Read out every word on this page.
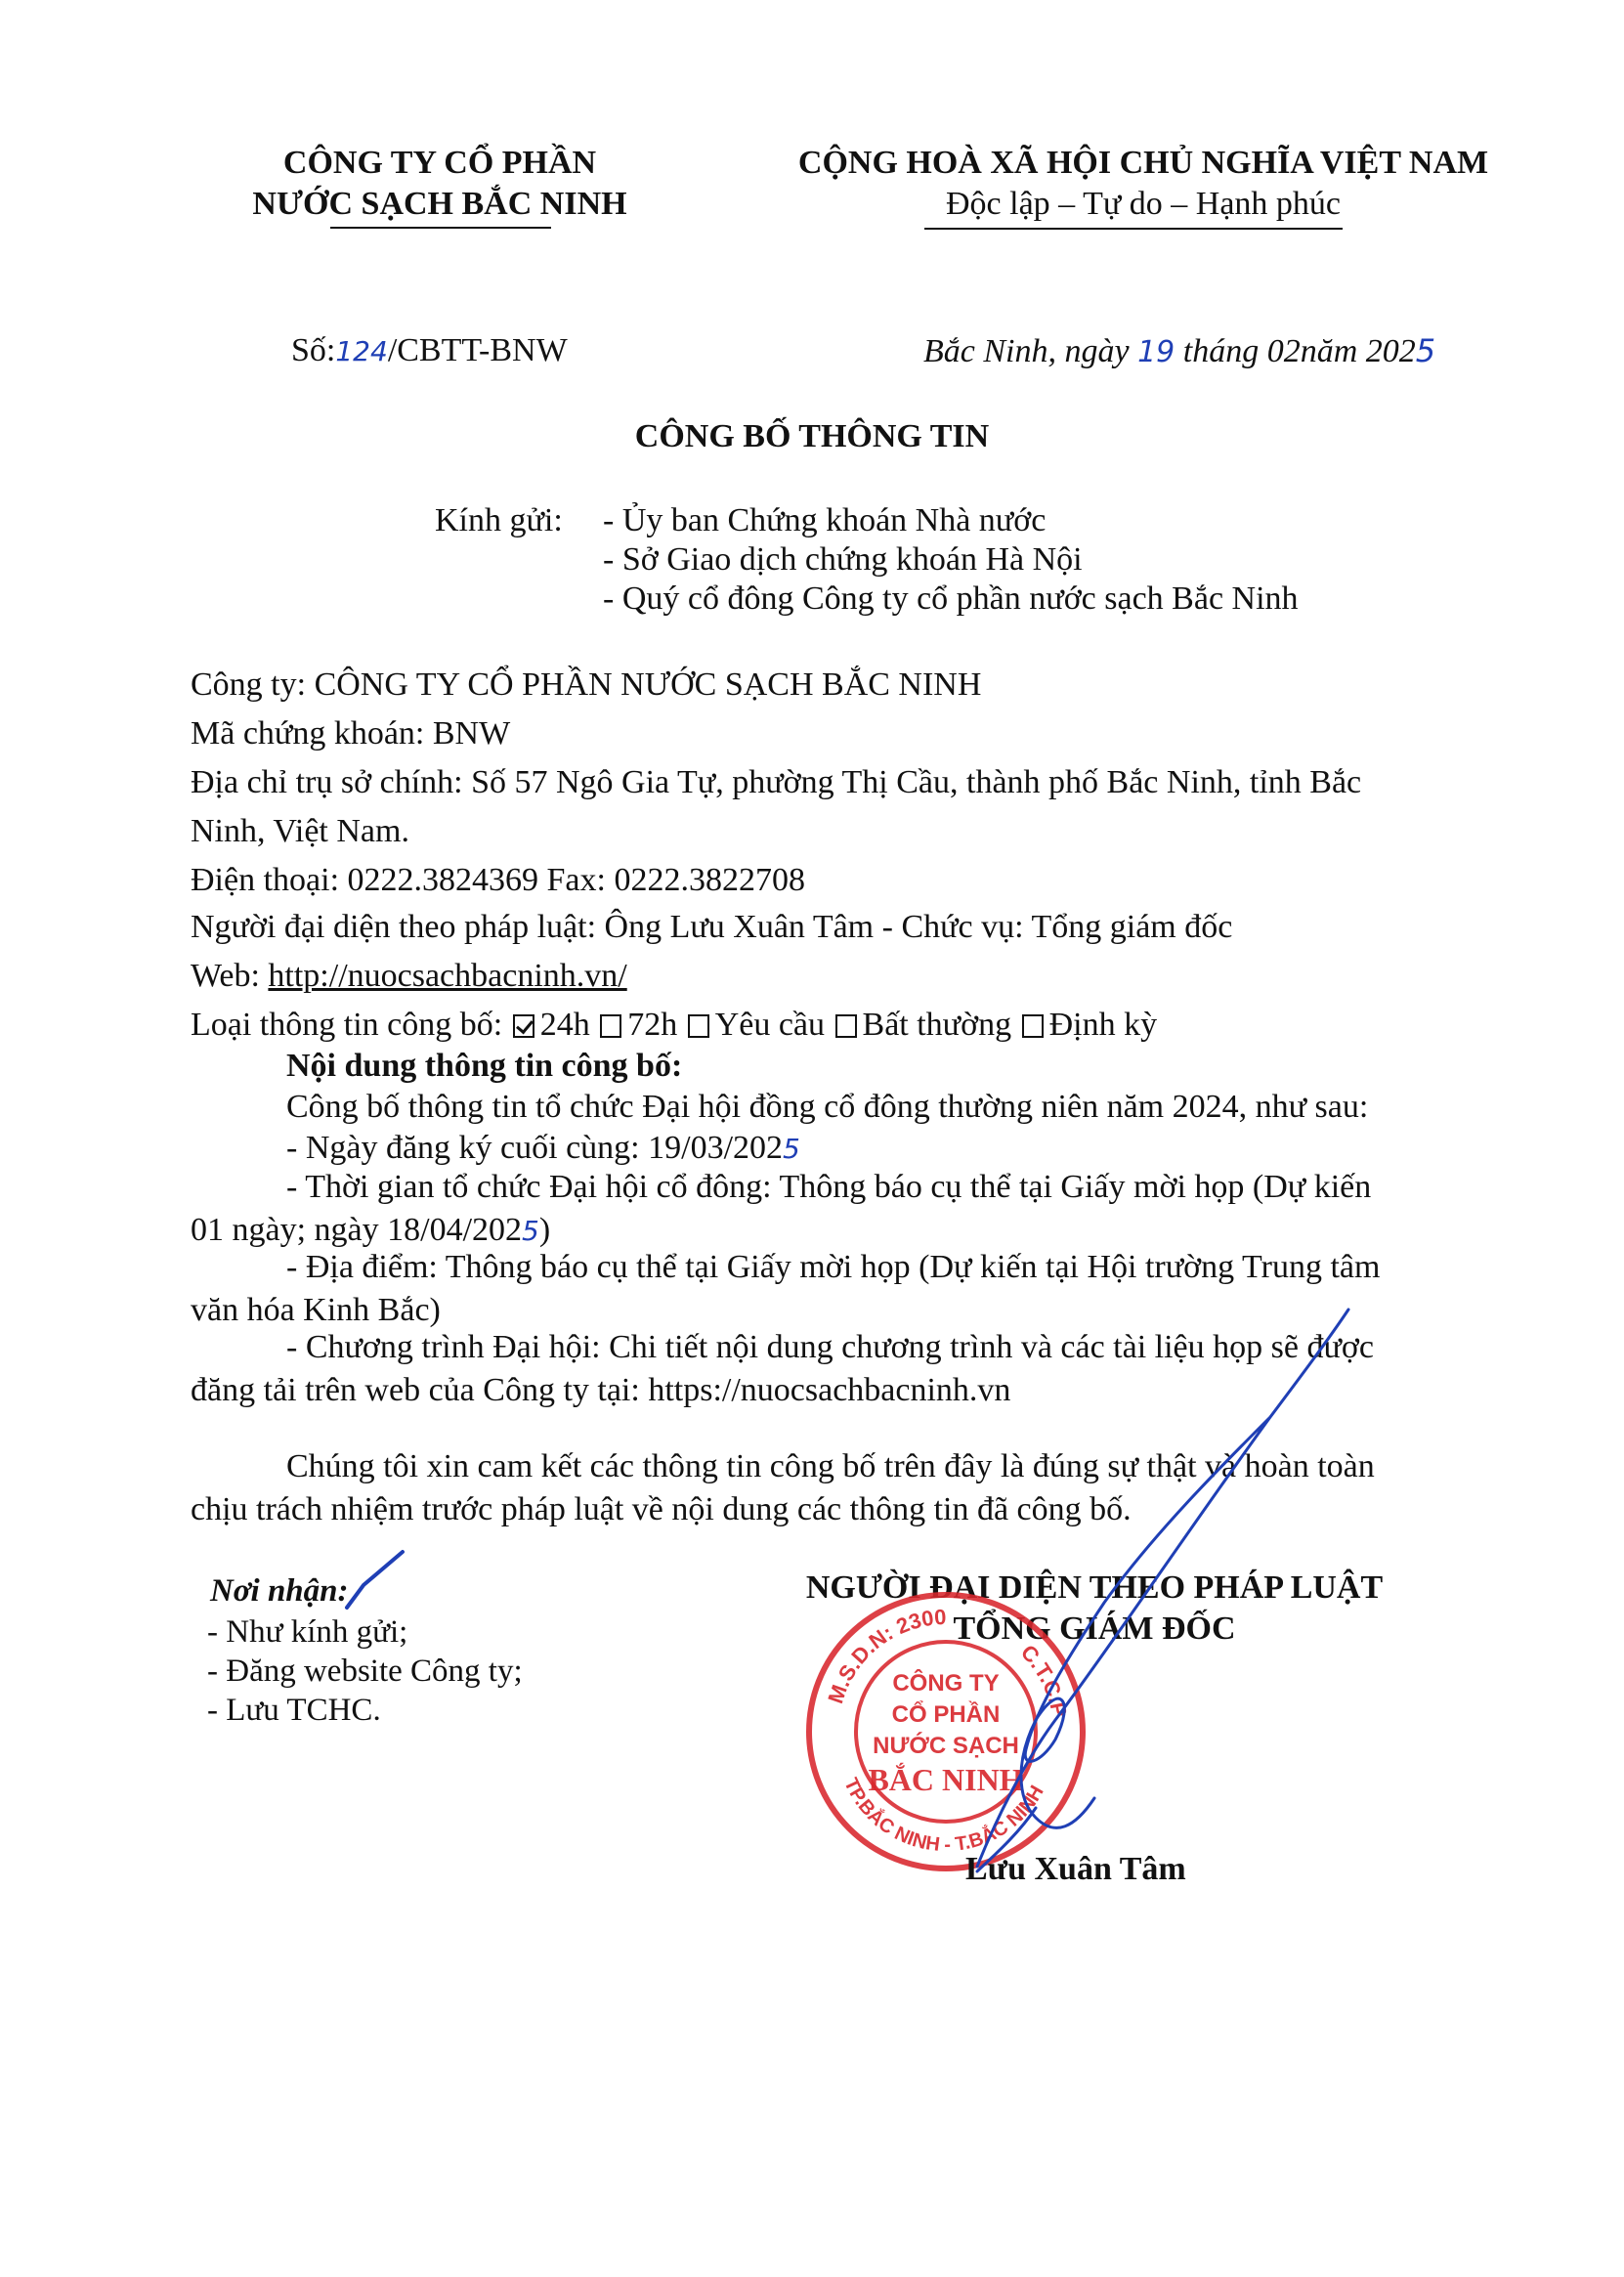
CÔNG TY CỔ PHẦN
NƯỚC SẠCH BẮC NINH
CỘNG HOÀ XÃ HỘI CHỦ NGHĨA VIỆT NAM
Độc lập – Tự do – Hạnh phúc
Số:124/CBTT-BNW	Bắc Ninh, ngày 19 tháng 02năm 2025
CÔNG BỐ THÔNG TIN
Kính gửi: - Ủy ban Chứng khoán Nhà nước
- Sở Giao dịch chứng khoán Hà Nội
- Quý cổ đông Công ty cổ phần nước sạch Bắc Ninh
Công ty: CÔNG TY CỔ PHẦN NƯỚC SẠCH BẮC NINH
Mã chứng khoán: BNW
Địa chỉ trụ sở chính: Số 57 Ngô Gia Tự, phường Thị Cầu, thành phố Bắc Ninh, tỉnh Bắc
Ninh, Việt Nam.
Điện thoại: 0222.3824369 Fax: 0222.3822708
Người đại diện theo pháp luật: Ông Lưu Xuân Tâm - Chức vụ: Tổng giám đốc
Web: http://nuocsachbacninh.vn/
Loại thông tin công bố: 24h 72h Yêu cầu Bất thường Định kỳ
Nội dung thông tin công bố:
Công bố thông tin tổ chức Đại hội đồng cổ đông thường niên năm 2024, như sau:
- Ngày đăng ký cuối cùng: 19/03/2025
- Thời gian tổ chức Đại hội cổ đông: Thông báo cụ thể tại Giấy mời họp (Dự kiến
01 ngày; ngày 18/04/2025)
- Địa điểm: Thông báo cụ thể tại Giấy mời họp (Dự kiến tại Hội trường Trung tâm
văn hóa Kinh Bắc)
- Chương trình Đại hội: Chi tiết nội dung chương trình và các tài liệu họp sẽ được
đăng tải trên web của Công ty tại: https://nuocsachbacninh.vn
Chúng tôi xin cam kết các thông tin công bố trên đây là đúng sự thật và hoàn toàn
chịu trách nhiệm trước pháp luật về nội dung các thông tin đã công bố.
Nơi nhận:
- Như kính gửi;
- Đăng website Công ty;
- Lưu TCHC.
NGƯỜI ĐẠI DIỆN THEO PHÁP LUẬT
TỔNG GIÁM ĐỐC
M.S.D.N: 2300
C.T.C.P
TP.BẮC NINH - T.BẮC NINH
CÔNG TY
CỔ PHẦN
NƯỚC SẠCH
BẮC NINH
Lưu Xuân Tâm
